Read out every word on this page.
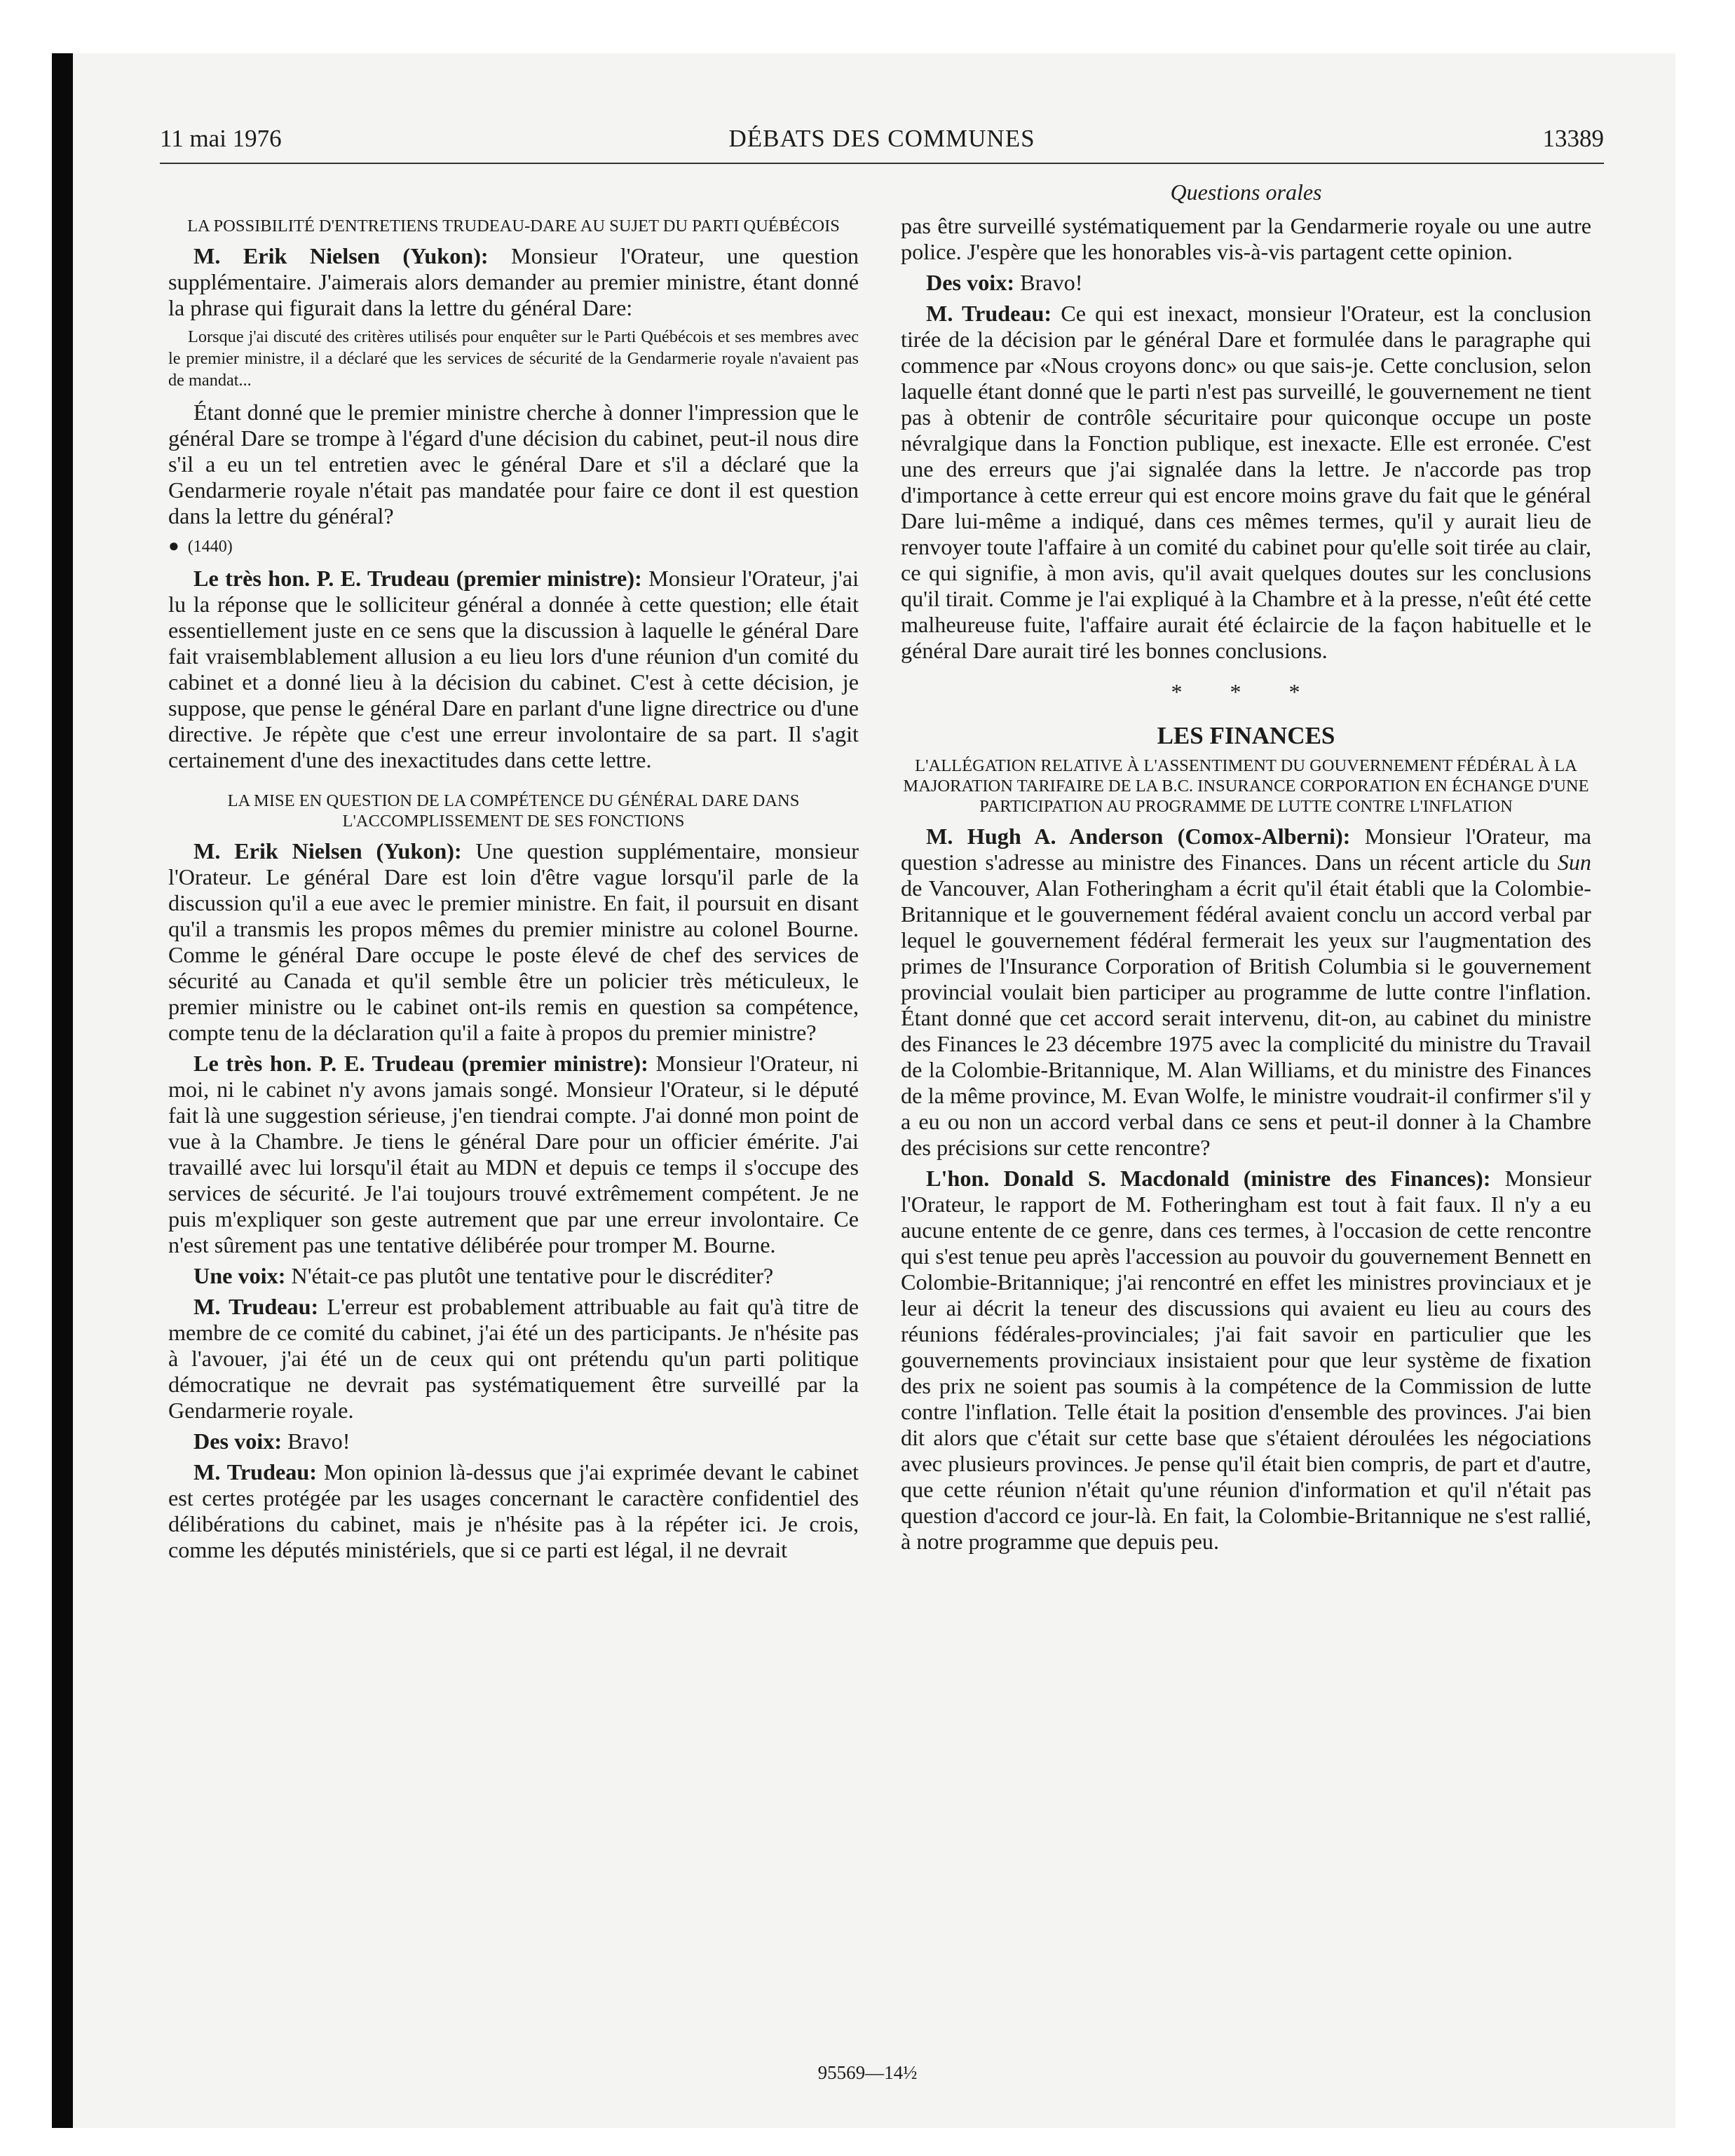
11 mai 1976	DÉBATS DES COMMUNES	13389

LA POSSIBILITÉ D'ENTRETIENS TRUDEAU-DARE AU SUJET DU PARTI QUÉBÉCOIS

M. Erik Nielsen (Yukon): Monsieur l'Orateur, une question supplémentaire. J'aimerais alors demander au premier ministre, étant donné la phrase qui figurait dans la lettre du général Dare:

Lorsque j'ai discuté des critères utilisés pour enquêter sur le Parti Québécois et ses membres avec le premier ministre, il a déclaré que les services de sécurité de la Gendarmerie royale n'avaient pas de mandat...

Étant donné que le premier ministre cherche à donner l'impression que le général Dare se trompe à l'égard d'une décision du cabinet, peut-il nous dire s'il a eu un tel entretien avec le général Dare et s'il a déclaré que la Gendarmerie royale n'était pas mandatée pour faire ce dont il est question dans la lettre du général?

● (1440)

Le très hon. P. E. Trudeau (premier ministre): Monsieur l'Orateur, j'ai lu la réponse que le solliciteur général a donnée à cette question; elle était essentiellement juste en ce sens que la discussion à laquelle le général Dare fait vraisemblablement allusion a eu lieu lors d'une réunion d'un comité du cabinet et a donné lieu à la décision du cabinet. C'est à cette décision, je suppose, que pense le général Dare en parlant d'une ligne directrice ou d'une directive. Je répète que c'est une erreur involontaire de sa part. Il s'agit certainement d'une des inexactitudes dans cette lettre.

LA MISE EN QUESTION DE LA COMPÉTENCE DU GÉNÉRAL DARE DANS L'ACCOMPLISSEMENT DE SES FONCTIONS

M. Erik Nielsen (Yukon): Une question supplémentaire, monsieur l'Orateur. Le général Dare est loin d'être vague lorsqu'il parle de la discussion qu'il a eue avec le premier ministre. En fait, il poursuit en disant qu'il a transmis les propos mêmes du premier ministre au colonel Bourne. Comme le général Dare occupe le poste élevé de chef des services de sécurité au Canada et qu'il semble être un policier très méticuleux, le premier ministre ou le cabinet ont-ils remis en question sa compétence, compte tenu de la déclaration qu'il a faite à propos du premier ministre?

Le très hon. P. E. Trudeau (premier ministre): Monsieur l'Orateur, ni moi, ni le cabinet n'y avons jamais songé. Monsieur l'Orateur, si le député fait là une suggestion sérieuse, j'en tiendrai compte. J'ai donné mon point de vue à la Chambre. Je tiens le général Dare pour un officier émérite. J'ai travaillé avec lui lorsqu'il était au MDN et depuis ce temps il s'occupe des services de sécurité. Je l'ai toujours trouvé extrêmement compétent. Je ne puis m'expliquer son geste autrement que par une erreur involontaire. Ce n'est sûrement pas une tentative délibérée pour tromper M. Bourne.

Une voix: N'était-ce pas plutôt une tentative pour le discréditer?

M. Trudeau: L'erreur est probablement attribuable au fait qu'à titre de membre de ce comité du cabinet, j'ai été un des participants. Je n'hésite pas à l'avouer, j'ai été un de ceux qui ont prétendu qu'un parti politique démocratique ne devrait pas systématiquement être surveillé par la Gendarmerie royale.

Des voix: Bravo!

M. Trudeau: Mon opinion là-dessus que j'ai exprimée devant le cabinet est certes protégée par les usages concernant le caractère confidentiel des délibérations du cabinet, mais je n'hésite pas à la répéter ici. Je crois, comme les députés ministériels, que si ce parti est légal, il ne devrait

Questions orales

pas être surveillé systématiquement par la Gendarmerie royale ou une autre police. J'espère que les honorables vis-à-vis partagent cette opinion.

Des voix: Bravo!

M. Trudeau: Ce qui est inexact, monsieur l'Orateur, est la conclusion tirée de la décision par le général Dare et formulée dans le paragraphe qui commence par «Nous croyons donc» ou que sais-je. Cette conclusion, selon laquelle étant donné que le parti n'est pas surveillé, le gouvernement ne tient pas à obtenir de contrôle sécuritaire pour quiconque occupe un poste névralgique dans la Fonction publique, est inexacte. Elle est erronée. C'est une des erreurs que j'ai signalée dans la lettre. Je n'accorde pas trop d'importance à cette erreur qui est encore moins grave du fait que le général Dare lui-même a indiqué, dans ces mêmes termes, qu'il y aurait lieu de renvoyer toute l'affaire à un comité du cabinet pour qu'elle soit tirée au clair, ce qui signifie, à mon avis, qu'il avait quelques doutes sur les conclusions qu'il tirait. Comme je l'ai expliqué à la Chambre et à la presse, n'eût été cette malheureuse fuite, l'affaire aurait été éclaircie de la façon habituelle et le général Dare aurait tiré les bonnes conclusions.

* * *

LES FINANCES

L'ALLÉGATION RELATIVE À L'ASSENTIMENT DU GOUVERNEMENT FÉDÉRAL À LA MAJORATION TARIFAIRE DE LA B.C. INSURANCE CORPORATION EN ÉCHANGE D'UNE PARTICIPATION AU PROGRAMME DE LUTTE CONTRE L'INFLATION

M. Hugh A. Anderson (Comox-Alberni): Monsieur l'Orateur, ma question s'adresse au ministre des Finances. Dans un récent article du Sun de Vancouver, Alan Fotheringham a écrit qu'il était établi que la Colombie-Britannique et le gouvernement fédéral avaient conclu un accord verbal par lequel le gouvernement fédéral fermerait les yeux sur l'augmentation des primes de l'Insurance Corporation of British Columbia si le gouvernement provincial voulait bien participer au programme de lutte contre l'inflation. Étant donné que cet accord serait intervenu, dit-on, au cabinet du ministre des Finances le 23 décembre 1975 avec la complicité du ministre du Travail de la Colombie-Britannique, M. Alan Williams, et du ministre des Finances de la même province, M. Evan Wolfe, le ministre voudrait-il confirmer s'il y a eu ou non un accord verbal dans ce sens et peut-il donner à la Chambre des précisions sur cette rencontre?

L'hon. Donald S. Macdonald (ministre des Finances): Monsieur l'Orateur, le rapport de M. Fotheringham est tout à fait faux. Il n'y a eu aucune entente de ce genre, dans ces termes, à l'occasion de cette rencontre qui s'est tenue peu après l'accession au pouvoir du gouvernement Bennett en Colombie-Britannique; j'ai rencontré en effet les ministres provinciaux et je leur ai décrit la teneur des discussions qui avaient eu lieu au cours des réunions fédérales-provinciales; j'ai fait savoir en particulier que les gouvernements provinciaux insistaient pour que leur système de fixation des prix ne soient pas soumis à la compétence de la Commission de lutte contre l'inflation. Telle était la position d'ensemble des provinces. J'ai bien dit alors que c'était sur cette base que s'étaient déroulées les négociations avec plusieurs provinces. Je pense qu'il était bien compris, de part et d'autre, que cette réunion n'était qu'une réunion d'information et qu'il n'était pas question d'accord ce jour-là. En fait, la Colombie-Britannique ne s'est rallié, à notre programme que depuis peu.

95569—14½
